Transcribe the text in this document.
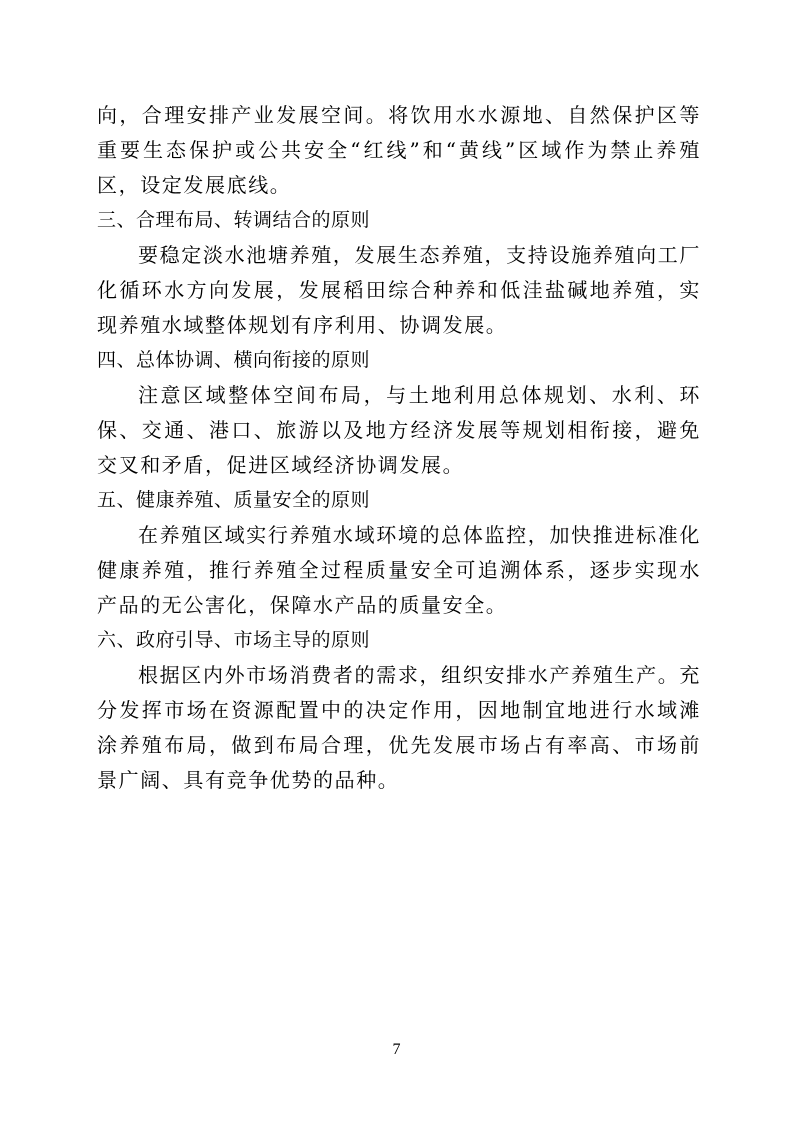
向，合理安排产业发展空间。将饮用水水源地、自然保护区等重要生态保护或公共安全“红线”和“黄线”区域作为禁止养殖区，设定发展底线。

三、合理布局、转调结合的原则

要稳定淡水池塘养殖，发展生态养殖，支持设施养殖向工厂化循环水方向发展，发展稻田综合种养和低洼盐碱地养殖，实现养殖水域整体规划有序利用、协调发展。

四、总体协调、横向衔接的原则

注意区域整体空间布局，与土地利用总体规划、水利、环保、交通、港口、旅游以及地方经济发展等规划相衔接，避免交叉和矛盾，促进区域经济协调发展。

五、健康养殖、质量安全的原则

在养殖区域实行养殖水域环境的总体监控，加快推进标准化健康养殖，推行养殖全过程质量安全可追溯体系，逐步实现水产品的无公害化，保障水产品的质量安全。

六、政府引导、市场主导的原则

根据区内外市场消费者的需求，组织安排水产养殖生产。充分发挥市场在资源配置中的决定作用，因地制宜地进行水域滩涂养殖布局，做到布局合理，优先发展市场占有率高、市场前景广阔、具有竞争优势的品种。

7
